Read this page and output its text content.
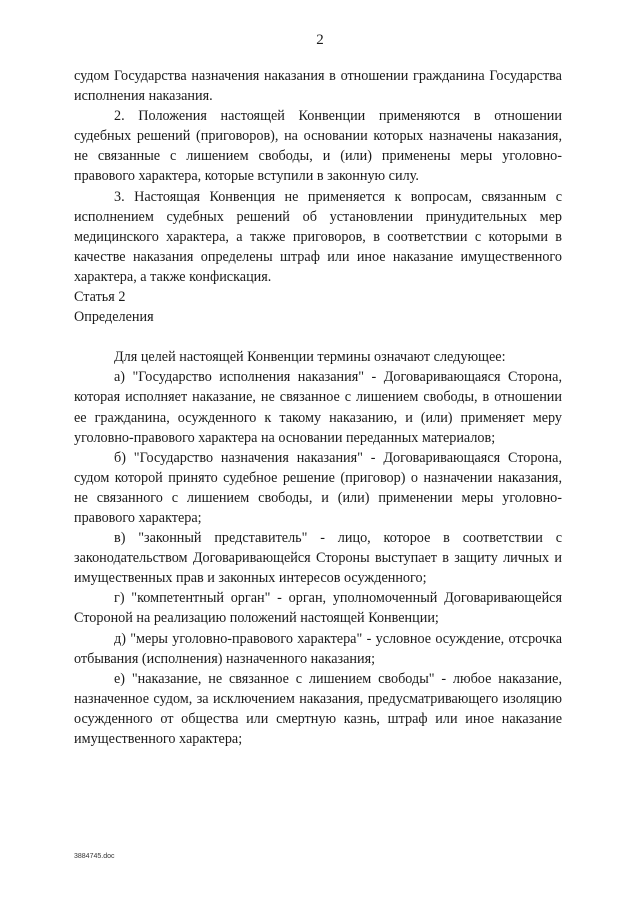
2

судом Государства назначения наказания в отношении гражданина Государства исполнения наказания.

2. Положения настоящей Конвенции применяются в отношении судебных решений (приговоров), на основании которых назначены наказания, не связанные с лишением свободы, и (или) применены меры уголовно-правового характера, которые вступили в законную силу.

3. Настоящая Конвенция не применяется к вопросам, связанным с исполнением судебных решений об установлении принудительных мер медицинского характера, а также приговоров, в соответствии с которыми в качестве наказания определены штраф или иное наказание имущественного характера, а также конфискация.

Статья 2

Определения

Для целей настоящей Конвенции термины означают следующее:

а) "Государство исполнения наказания" - Договаривающаяся Сторона, которая исполняет наказание, не связанное с лишением свободы, в отношении ее гражданина, осужденного к такому наказанию, и (или) применяет меру уголовно-правового характера на основании переданных материалов;

б) "Государство назначения наказания" - Договаривающаяся Сторона, судом которой принято судебное решение (приговор) о назначении наказания, не связанного с лишением свободы, и (или) применении меры уголовно-правового характера;

в) "законный представитель" - лицо, которое в соответствии с законодательством Договаривающейся Стороны выступает в защиту личных и имущественных прав и законных интересов осужденного;

г) "компетентный орган" - орган, уполномоченный Договаривающейся Стороной на реализацию положений настоящей Конвенции;

д) "меры уголовно-правового характера" - условное осуждение, отсрочка отбывания (исполнения) назначенного наказания;

е) "наказание, не связанное с лишением свободы" - любое наказание, назначенное судом, за исключением наказания, предусматривающего изоляцию осужденного от общества или смертную казнь, штраф или иное наказание имущественного характера;

3884745.doc
